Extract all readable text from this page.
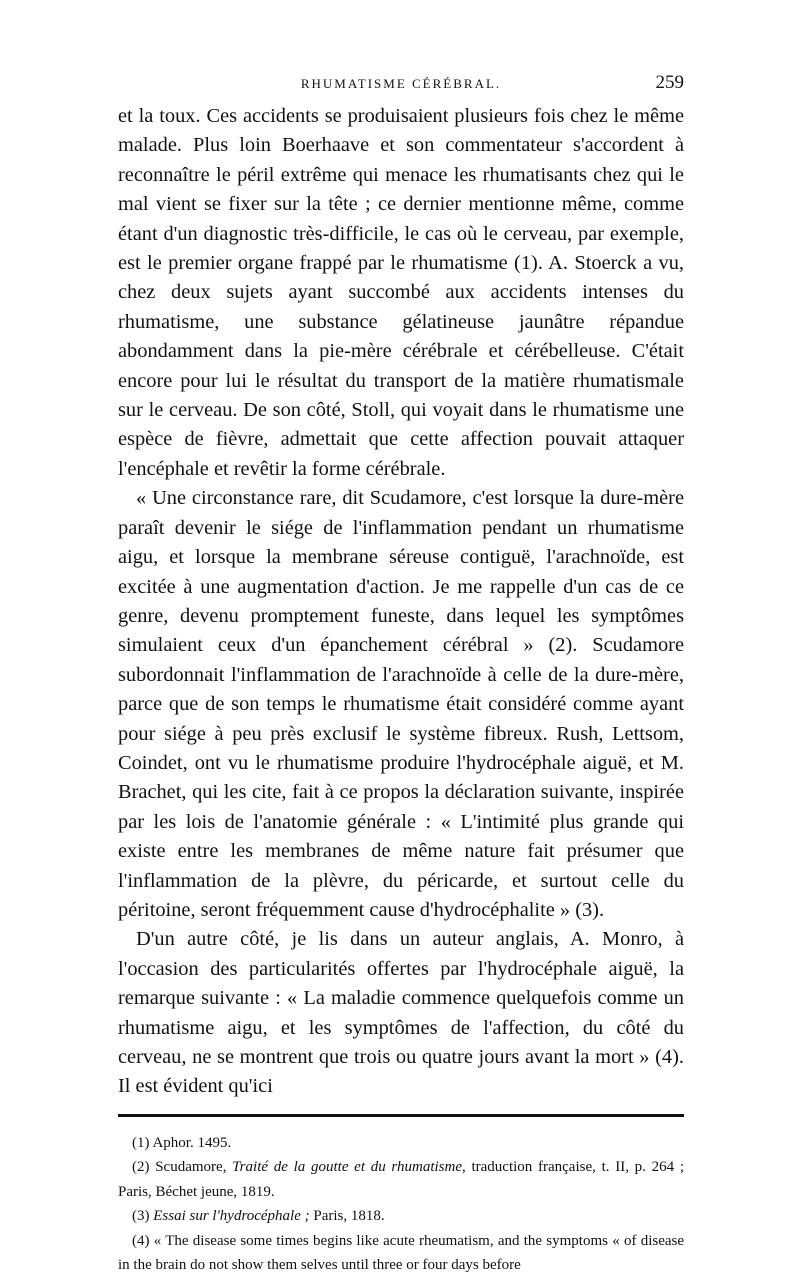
RHUMATISME CÉRÉBRAL.	259

et la toux. Ces accidents se produisaient plusieurs fois chez le même malade. Plus loin Boerhaave et son commentateur s'accordent à reconnaître le péril extrême qui menace les rhumatisants chez qui le mal vient se fixer sur la tête ; ce dernier mentionne même, comme étant d'un diagnostic très-difficile, le cas où le cerveau, par exemple, est le premier organe frappé par le rhumatisme (1). A. Stoerck a vu, chez deux sujets ayant succombé aux accidents intenses du rhumatisme, une substance gélatineuse jaunâtre répandue abondamment dans la pie-mère cérébrale et cérébelleuse. C'était encore pour lui le résultat du transport de la matière rhumatismale sur le cerveau. De son côté, Stoll, qui voyait dans le rhumatisme une espèce de fièvre, admettait que cette affection pouvait attaquer l'encéphale et revêtir la forme cérébrale.

« Une circonstance rare, dit Scudamore, c'est lorsque la dure-mère paraît devenir le siége de l'inflammation pendant un rhumatisme aigu, et lorsque la membrane séreuse contiguë, l'arachnoïde, est excitée à une augmentation d'action. Je me rappelle d'un cas de ce genre, devenu promptement funeste, dans lequel les symptômes simulaient ceux d'un épanchement cérébral » (2). Scudamore subordonnait l'inflammation de l'arachnoïde à celle de la dure-mère, parce que de son temps le rhumatisme était considéré comme ayant pour siége à peu près exclusif le système fibreux. Rush, Lettsom, Coindet, ont vu le rhumatisme produire l'hydrocéphale aiguë, et M. Brachet, qui les cite, fait à ce propos la déclaration suivante, inspirée par les lois de l'anatomie générale : « L'intimité plus grande qui existe entre les membranes de même nature fait présumer que l'inflammation de la plèvre, du péricarde, et surtout celle du péritoine, seront fréquemment cause d'hydrocéphalite » (3).

D'un autre côté, je lis dans un auteur anglais, A. Monro, à l'occasion des particularités offertes par l'hydrocéphale aiguë, la remarque suivante : « La maladie commence quelquefois comme un rhumatisme aigu, et les symptômes de l'affection, du côté du cerveau, ne se montrent que trois ou quatre jours avant la mort » (4). Il est évident qu'ici

(1) Aphor. 1495.

(2) Scudamore, Traité de la goutte et du rhumatisme, traduction française, t. II, p. 264 ; Paris, Béchet jeune, 1819.

(3) Essai sur l'hydrocéphale ; Paris, 1818.

(4) « The disease some times begins like acute rheumatism, and the symptoms « of disease in the brain do not show them selves until three or four days before
